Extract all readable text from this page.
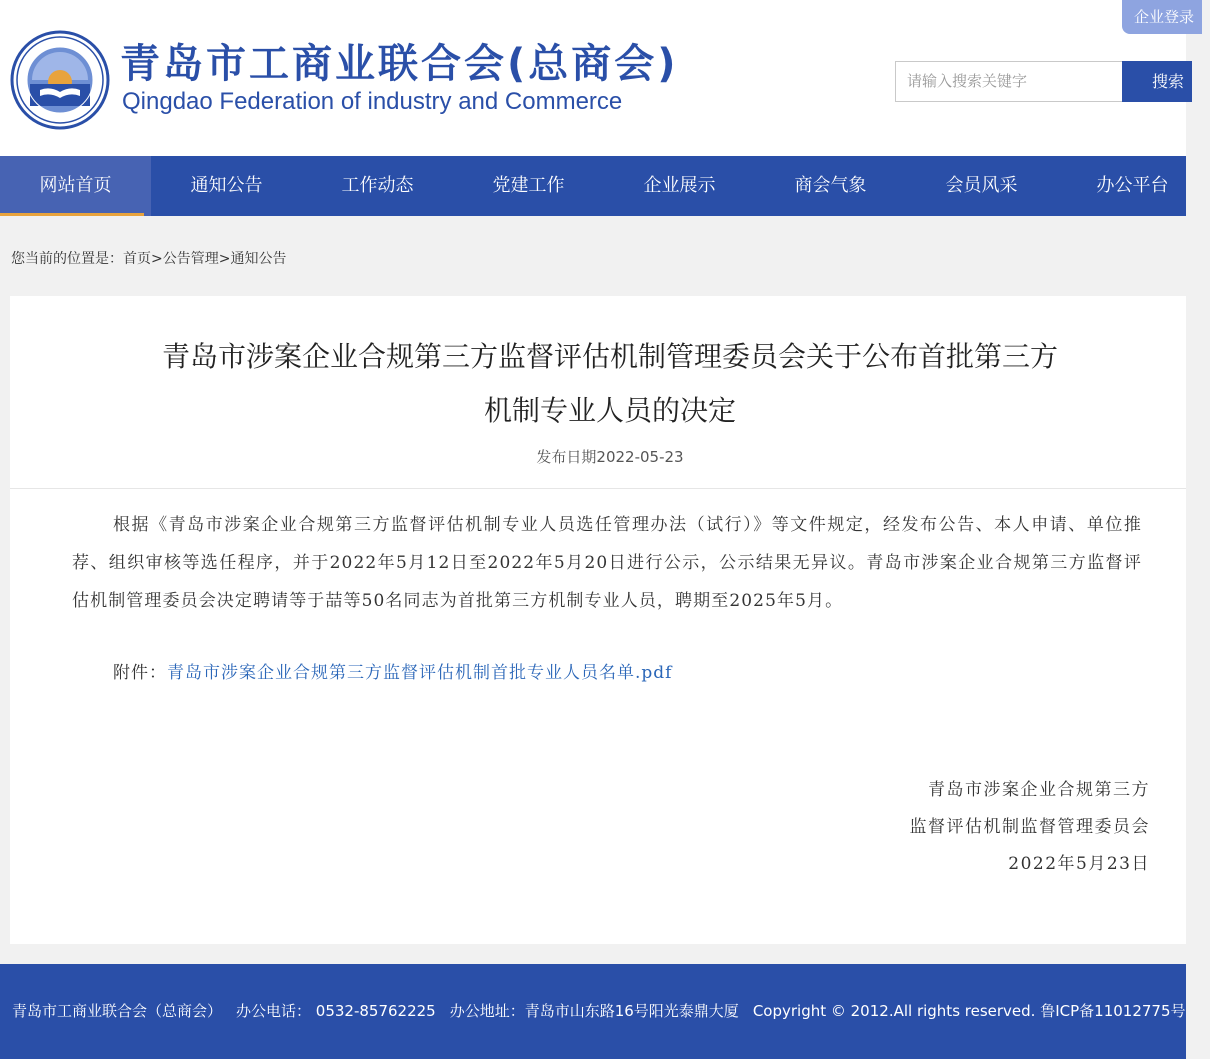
青岛市工商业联合会(总商会)
Qingdao Federation of industry and Commerce
企业登录
请输入搜索关键字	搜索
网站首页	通知公告	工作动态	党建工作	企业展示	商会气象	会员风采	办公平台
您当前的位置是：首页>公告管理>通知公告
青岛市涉案企业合规第三方监督评估机制管理委员会关于公布首批第三方
机制专业人员的决定
发布日期2022-05-23
根据《青岛市涉案企业合规第三方监督评估机制专业人员选任管理办法（试行）》等文件规定，经发布公告、本人申请、单位推荐、组织审核等选任程序，并于2022年5月12日至2022年5月20日进行公示，公示结果无异议。青岛市涉案企业合规第三方监督评估机制管理委员会决定聘请等于喆等50名同志为首批第三方机制专业人员，聘期至2025年5月。
附件：青岛市涉案企业合规第三方监督评估机制首批专业人员名单.pdf
青岛市涉案企业合规第三方
监督评估机制监督管理委员会
2022年5月23日
青岛市工商业联合会（总商会） 办公电话： 0532-85762225 办公地址：青岛市山东路16号阳光泰鼎大厦 Copyright © 2012.All rights reserved. 鲁ICP备11012775号
